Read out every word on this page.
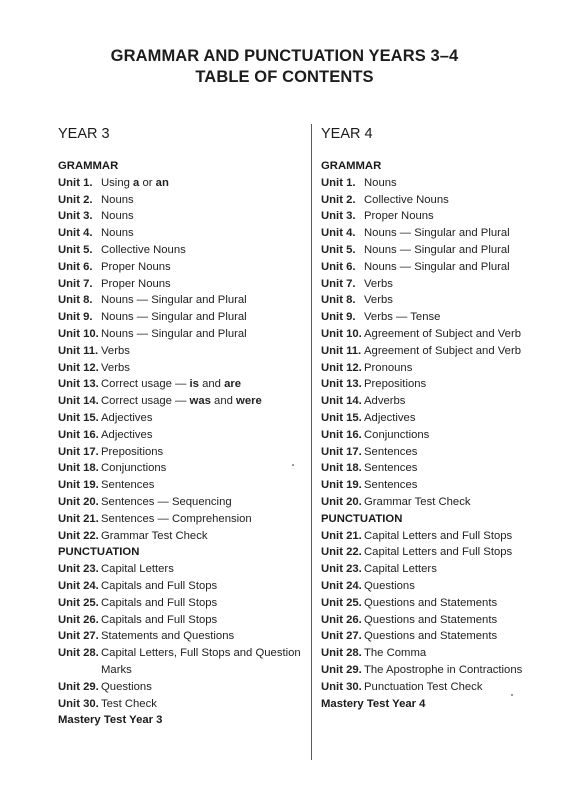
GRAMMAR AND PUNCTUATION YEARS 3–4
TABLE OF CONTENTS
YEAR 3
GRAMMAR
Unit 1. Using a or an
Unit 2. Nouns
Unit 3. Nouns
Unit 4. Nouns
Unit 5. Collective Nouns
Unit 6. Proper Nouns
Unit 7. Proper Nouns
Unit 8. Nouns — Singular and Plural
Unit 9. Nouns — Singular and Plural
Unit 10. Nouns — Singular and Plural
Unit 11. Verbs
Unit 12. Verbs
Unit 13. Correct usage — is and are
Unit 14. Correct usage — was and were
Unit 15. Adjectives
Unit 16. Adjectives
Unit 17. Prepositions
Unit 18. Conjunctions
Unit 19. Sentences
Unit 20. Sentences — Sequencing
Unit 21. Sentences — Comprehension
Unit 22. Grammar Test Check
PUNCTUATION
Unit 23. Capital Letters
Unit 24. Capitals and Full Stops
Unit 25. Capitals and Full Stops
Unit 26. Capitals and Full Stops
Unit 27. Statements and Questions
Unit 28. Capital Letters, Full Stops and Question Marks
Unit 29. Questions
Unit 30. Test Check
Mastery Test Year 3
YEAR 4
GRAMMAR
Unit 1. Nouns
Unit 2. Collective Nouns
Unit 3. Proper Nouns
Unit 4. Nouns — Singular and Plural
Unit 5. Nouns — Singular and Plural
Unit 6. Nouns — Singular and Plural
Unit 7. Verbs
Unit 8. Verbs
Unit 9. Verbs — Tense
Unit 10. Agreement of Subject and Verb
Unit 11. Agreement of Subject and Verb
Unit 12. Pronouns
Unit 13. Prepositions
Unit 14. Adverbs
Unit 15. Adjectives
Unit 16. Conjunctions
Unit 17. Sentences
Unit 18. Sentences
Unit 19. Sentences
Unit 20. Grammar Test Check
PUNCTUATION
Unit 21. Capital Letters and Full Stops
Unit 22. Capital Letters and Full Stops
Unit 23. Capital Letters
Unit 24. Questions
Unit 25. Questions and Statements
Unit 26. Questions and Statements
Unit 27. Questions and Statements
Unit 28. The Comma
Unit 29. The Apostrophe in Contractions
Unit 30. Punctuation Test Check
Mastery Test Year 4
